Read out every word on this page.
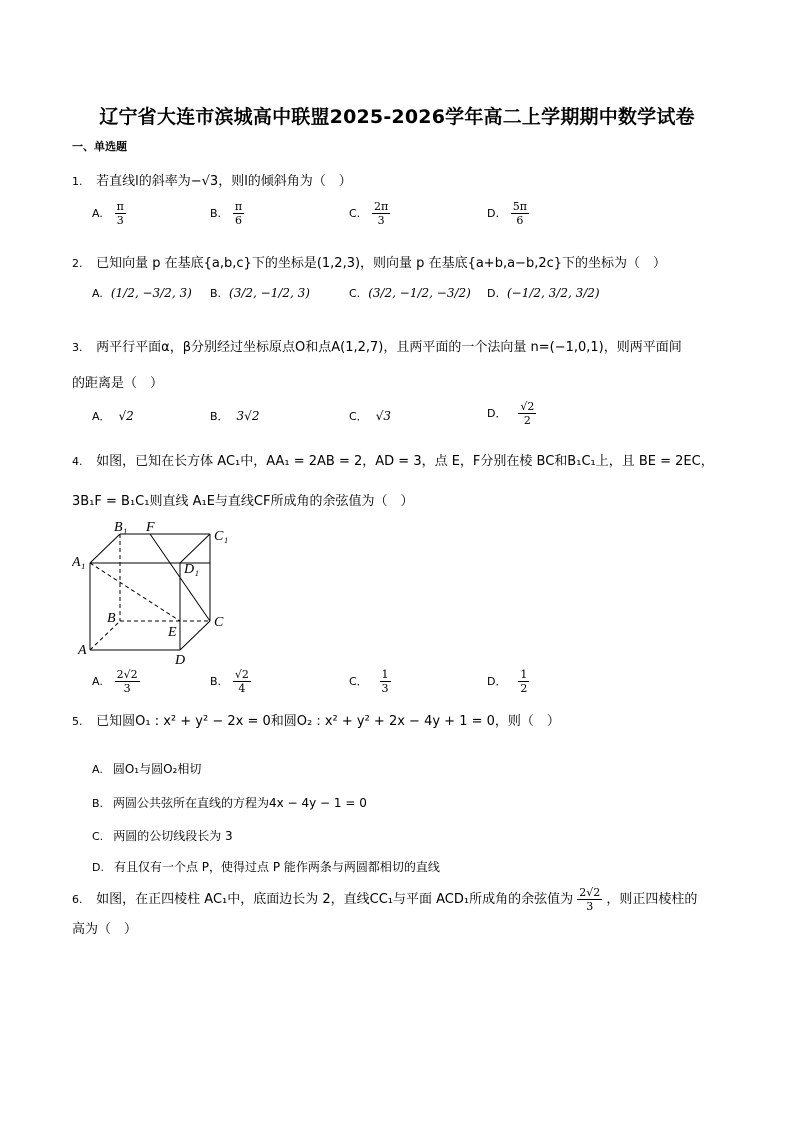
辽宁省大连市滨城高中联盟2025-2026学年高二上学期期中数学试卷
一、单选题
1. 若直线l的斜率为−√3，则l的倾斜角为（　）
A. $\frac{\pi}{3}$	B. $\frac{\pi}{6}$	C. $\frac{2\pi}{3}$	D. $\frac{5\pi}{6}$
2. 已知向量 p 在基底{a,b,c}下的坐标是(1,2,3)，则向量 p 在基底{a+b,a−b,2c}下的坐标为（　）
A. (1/2, −3/2, 3) B. (3/2, −1/2, 3)	C. (3/2, −1/2, −3/2) D. (−1/2, 3/2, 3/2)
3. 两平行平面α，β分别经过坐标原点O和点A(1,2,7)，且两平面的一个法向量 n=(−1,0,1)，则两平面间
的距离是（　）
A． √2	B． 3√2	C． √3	D． $\frac{√2}{2}$
4. 如图，已知在长方体 AC₁中，AA₁ = 2AB = 2，AD = 3，点 E，F分别在棱 BC和B₁C₁上，且 BE = 2EC，
3B₁F = B₁C₁则直线 A₁E与直线CF所成角的余弦值为（　）
B₁ F
C₁
A₁	D₁
B
E
C
A
D
A. $\frac{2√2}{3}$	B. $\frac{√2}{4}$	C． $\frac{1}{3}$	D． $\frac{1}{2}$
5. 已知圆O₁ : x² + y² − 2x = 0和圆O₂ : x² + y² + 2x − 4y + 1 = 0，则（　）
A. 圆O₁与圆O₂相切
B. 两圆公共弦所在直线的方程为4x − 4y − 1 = 0
C. 两圆的公切线段长为 3
D. 有且仅有一个点 P，使得过点 P 能作两条与两圆都相切的直线
6. 如图，在正四棱柱 AC₁中，底面边长为 2，直线CC₁与平面 ACD₁所成角的余弦值为 $\frac{2√2}{3}$ ，则正四棱柱的
高为（　）
